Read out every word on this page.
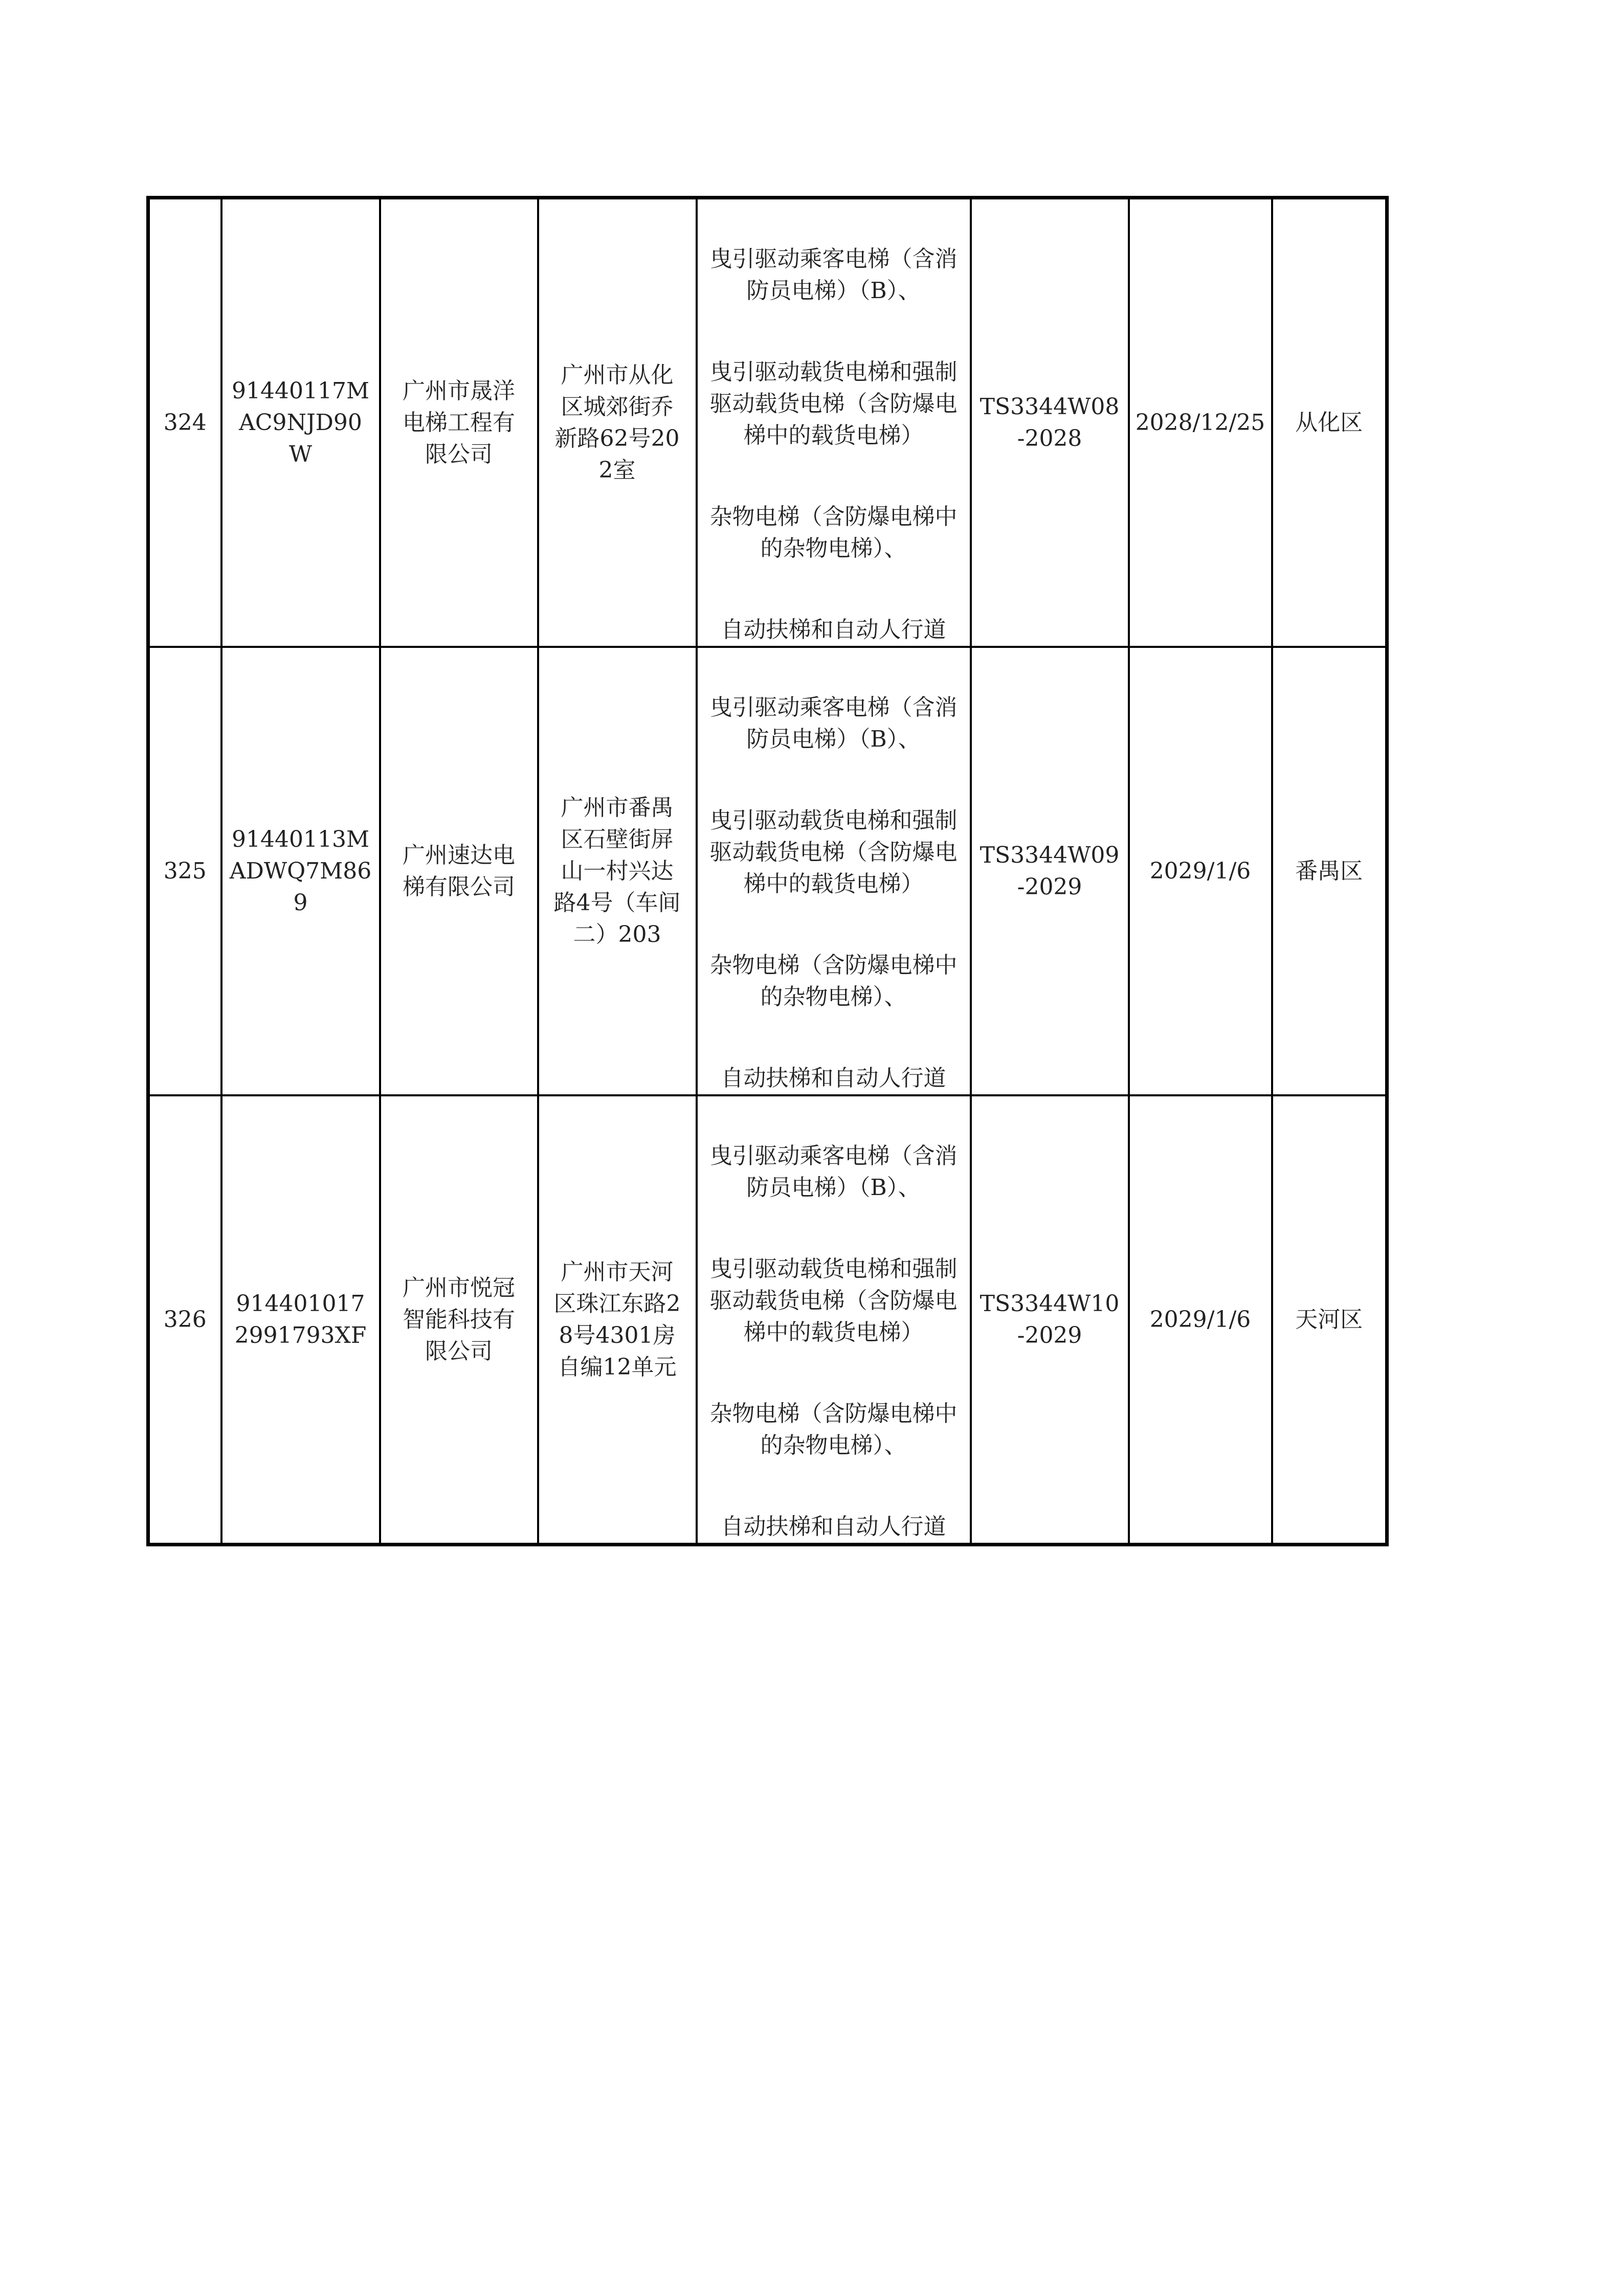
324	91440117MAC9NJD90W	广州市晟洋电梯工程有限公司	广州市从化区城郊街乔新路62号202室	曳引驱动乘客电梯（含消防员电梯）（B）、
曳引驱动载货电梯和强制驱动载货电梯（含防爆电梯中的载货电梯）
杂物电梯（含防爆电梯中的杂物电梯）、
自动扶梯和自动人行道	TS3344W08-2028	2028/12/25	从化区

325	91440113MADWQ7M869	广州速达电梯有限公司	广州市番禺区石壁街屏山一村兴达路4号（车间二）203	曳引驱动乘客电梯（含消防员电梯）（B）、
曳引驱动载货电梯和强制驱动载货电梯（含防爆电梯中的载货电梯）
杂物电梯（含防爆电梯中的杂物电梯）、
自动扶梯和自动人行道	TS3344W09-2029	2029/1/6	番禺区

326	9144010172991793XF	广州市悦冠智能科技有限公司	广州市天河区珠江东路28号4301房自编12单元	曳引驱动乘客电梯（含消防员电梯）（B）、
曳引驱动载货电梯和强制驱动载货电梯（含防爆电梯中的载货电梯）
杂物电梯（含防爆电梯中的杂物电梯）、
自动扶梯和自动人行道	TS3344W10-2029	2029/1/6	天河区
